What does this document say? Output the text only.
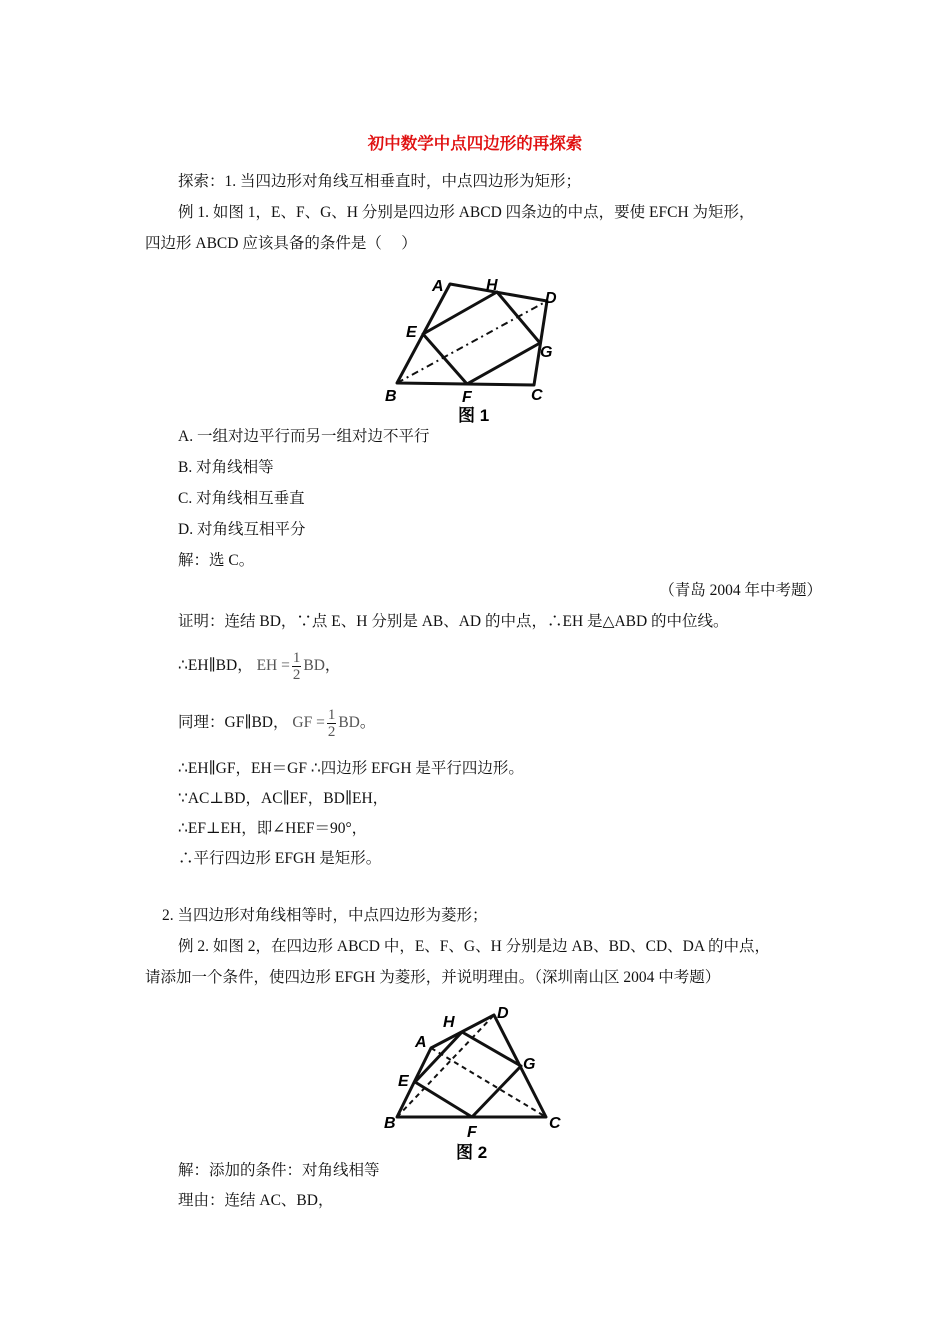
初中数学中点四边形的再探索
探索：1. 当四边形对角线互相垂直时，中点四边形为矩形；
例 1. 如图 1，E、F、G、H 分别是四边形 ABCD 四条边的中点，要使 EFCH 为矩形，
四边形 ABCD 应该具备的条件是（　 ）
A	H
D
E
G
B	F	C
图 1
A. 一组对边平行而另一组对边不平行
B. 对角线相等
C. 对角线相互垂直
D. 对角线互相平分
解：选 C。
（青岛 2004 年中考题）
证明：连结 BD，∵点 E、H 分别是 AB、AD 的中点，∴EH 是△ABD 的中位线。
∴EH∥BD， EH = $\frac{1}{2}$ BD，
同理：GF∥BD， GF = $\frac{1}{2}$ BD。
∴EH∥GF，EH＝GF ∴四边形 EFGH 是平行四边形。
∵AC⊥BD，AC∥EF，BD∥EH，
∴EF⊥EH，即∠HEF＝90°，
∴平行四边形 EFGH 是矩形。
2. 当四边形对角线相等时，中点四边形为菱形；
例 2. 如图 2，在四边形 ABCD 中，E、F、G、H 分别是边 AB、BD、CD、DA 的中点，
请添加一个条件，使四边形 EFGH 为菱形，并说明理由。（深圳南山区 2004 中考题）
A
H
D
E
G
B
F
C
图 2
解：添加的条件：对角线相等
理由：连结 AC、BD，
